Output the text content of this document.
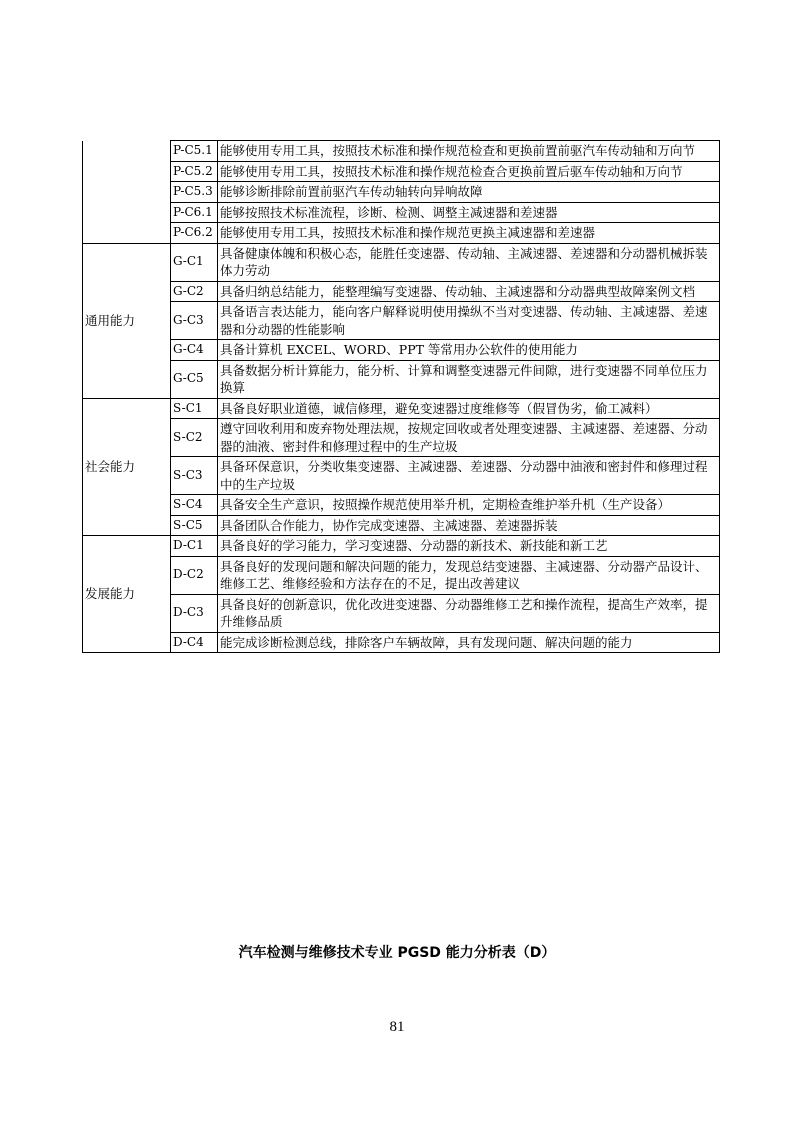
	P-C5.1	能够使用专用工具，按照技术标准和操作规范检查和更换前置前驱汽车传动轴和万向节
	P-C5.2	能够使用专用工具，按照技术标准和操作规范检查合更换前置后驱车传动轴和万向节
	P-C5.3	能够诊断排除前置前驱汽车传动轴转向异响故障
	P-C6.1	能够按照技术标准流程，诊断、检测、调整主减速器和差速器
	P-C6.2	能够使用专用工具，按照技术标准和操作规范更换主减速器和差速器
通用能力	G-C1	具备健康体魄和积极心态，能胜任变速器、传动轴、主减速器、差速器和分动器机械拆装体力劳动
	G-C2	具备归纳总结能力，能整理编写变速器、传动轴、主减速器和分动器典型故障案例文档
	G-C3	具备语言表达能力，能向客户解释说明使用操纵不当对变速器、传动轴、主减速器、差速器和分动器的性能影响
	G-C4	具备计算机 EXCEL、WORD、PPT 等常用办公软件的使用能力
	G-C5	具备数据分析计算能力，能分析、计算和调整变速器元件间隙，进行变速器不同单位压力换算
社会能力	S-C1	具备良好职业道德，诚信修理，避免变速器过度维修等（假冒伪劣，偷工减料）
	S-C2	遵守回收利用和废弃物处理法规，按规定回收或者处理变速器、主减速器、差速器、分动器的油液、密封件和修理过程中的生产垃圾
	S-C3	具备环保意识，分类收集变速器、主减速器、差速器、分动器中油液和密封件和修理过程中的生产垃圾
	S-C4	具备安全生产意识，按照操作规范使用举升机，定期检查维护举升机（生产设备）
	S-C5	具备团队合作能力，协作完成变速器、主减速器、差速器拆装
发展能力	D-C1	具备良好的学习能力，学习变速器、分动器的新技术、新技能和新工艺
	D-C2	具备良好的发现问题和解决问题的能力，发现总结变速器、主减速器、分动器产品设计、维修工艺、维修经验和方法存在的不足，提出改善建议
	D-C3	具备良好的创新意识，优化改进变速器、分动器维修工艺和操作流程，提高生产效率，提升维修品质
	D-C4	能完成诊断检测总线，排除客户车辆故障，具有发现问题、解决问题的能力
汽车检测与维修技术专业 PGSD 能力分析表（D）
81
